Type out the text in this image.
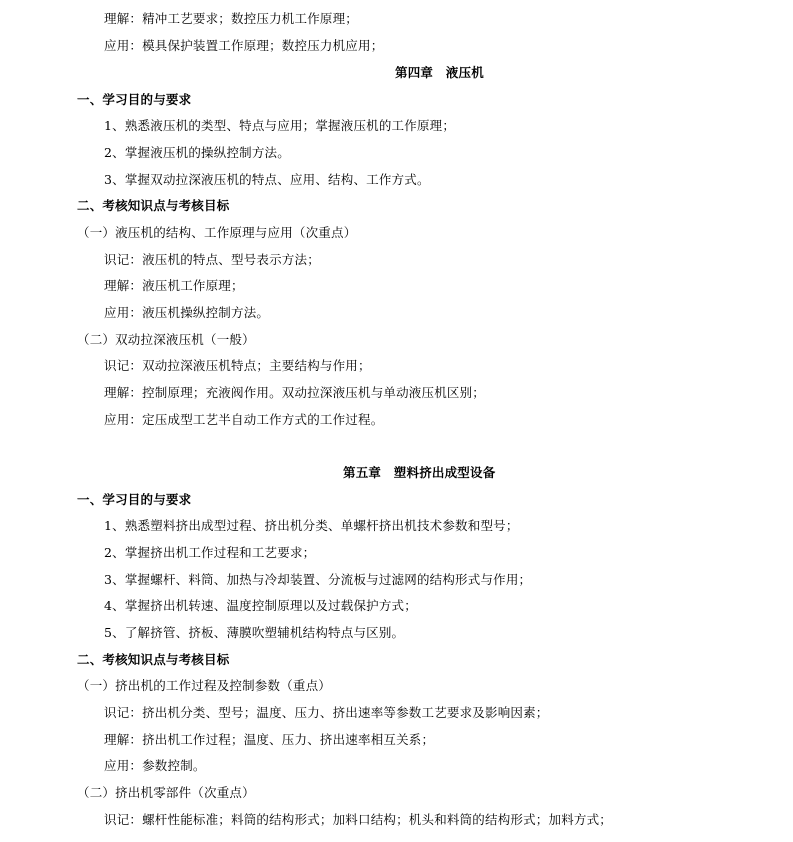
理解：精冲工艺要求；数控压力机工作原理；
应用：模具保护装置工作原理；数控压力机应用；
第四章　液压机
一、学习目的与要求
1、熟悉液压机的类型、特点与应用；掌握液压机的工作原理；
2、掌握液压机的操纵控制方法。
3、掌握双动拉深液压机的特点、应用、结构、工作方式。
二、考核知识点与考核目标
（一）液压机的结构、工作原理与应用（次重点）
识记：液压机的特点、型号表示方法；
理解：液压机工作原理；
应用：液压机操纵控制方法。
（二）双动拉深液压机（一般）
识记：双动拉深液压机特点；主要结构与作用；
理解：控制原理；充液阀作用。双动拉深液压机与单动液压机区别；
应用：定压成型工艺半自动工作方式的工作过程。
第五章　塑料挤出成型设备
一、学习目的与要求
1、熟悉塑料挤出成型过程、挤出机分类、单螺杆挤出机技术参数和型号；
2、掌握挤出机工作过程和工艺要求；
3、掌握螺杆、料筒、加热与冷却装置、分流板与过滤网的结构形式与作用；
4、掌握挤出机转速、温度控制原理以及过载保护方式；
5、了解挤管、挤板、薄膜吹塑辅机结构特点与区别。
二、考核知识点与考核目标
（一）挤出机的工作过程及控制参数（重点）
识记：挤出机分类、型号；温度、压力、挤出速率等参数工艺要求及影响因素；
理解：挤出机工作过程；温度、压力、挤出速率相互关系；
应用：参数控制。
（二）挤出机零部件（次重点）
识记：螺杆性能标准；料筒的结构形式；加料口结构；机头和料筒的结构形式；加料方式；
